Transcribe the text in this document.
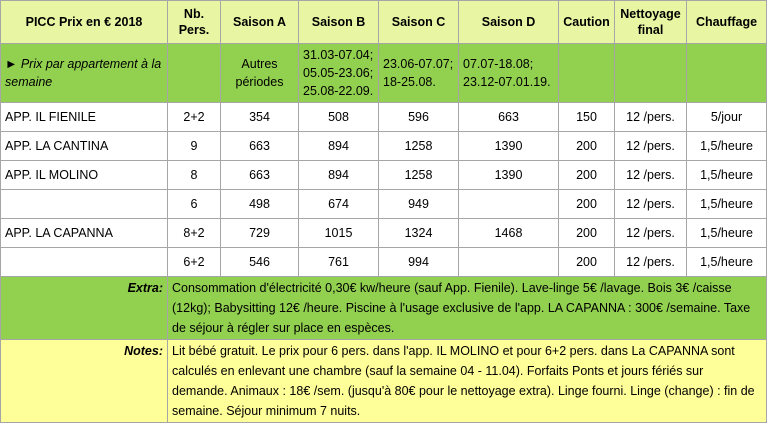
PICC Prix en € 2018	Nb. Pers.	Saison A	Saison B	Saison C	Saison D	Caution	Nettoyage final	Chauffage
► Prix par appartement à la semaine		Autres périodes	31.03-07.04; 05.05-23.06; 25.08-22.09.	23.06-07.07; 18-25.08.	07.07-18.08; 23.12-07.01.19.			
APP. IL FIENILE	2+2	354	508	596	663	150	12 /pers.	5/jour
APP. LA CANTINA	9	663	894	1258	1390	200	12 /pers.	1,5/heure
APP. IL MOLINO	8	663	894	1258	1390	200	12 /pers.	1,5/heure
	6	498	674	949		200	12 /pers.	1,5/heure
APP. LA CAPANNA	8+2	729	1015	1324	1468	200	12 /pers.	1,5/heure
	6+2	546	761	994		200	12 /pers.	1,5/heure
Extra:	Consommation d'électricité 0,30€ kw/heure (sauf App. Fienile). Lave-linge 5€ /lavage. Bois 3€ /caisse (12kg); Babysitting 12€ /heure. Piscine à l'usage exclusive de l'app. LA CAPANNA : 300€ /semaine. Taxe de séjour à régler sur place en espèces.							
Notes:	Lit bébé gratuit. Le prix pour 6 pers. dans l'app. IL MOLINO et pour 6+2 pers. dans La CAPANNA sont calculés en enlevant une chambre (sauf la semaine 04 - 11.04). Forfaits Ponts et jours fériés sur demande. Animaux : 18€ /sem. (jusqu'à 80€ pour le nettoyage extra). Linge fourni. Linge (change) : fin de semaine. Séjour minimum 7 nuits.							
